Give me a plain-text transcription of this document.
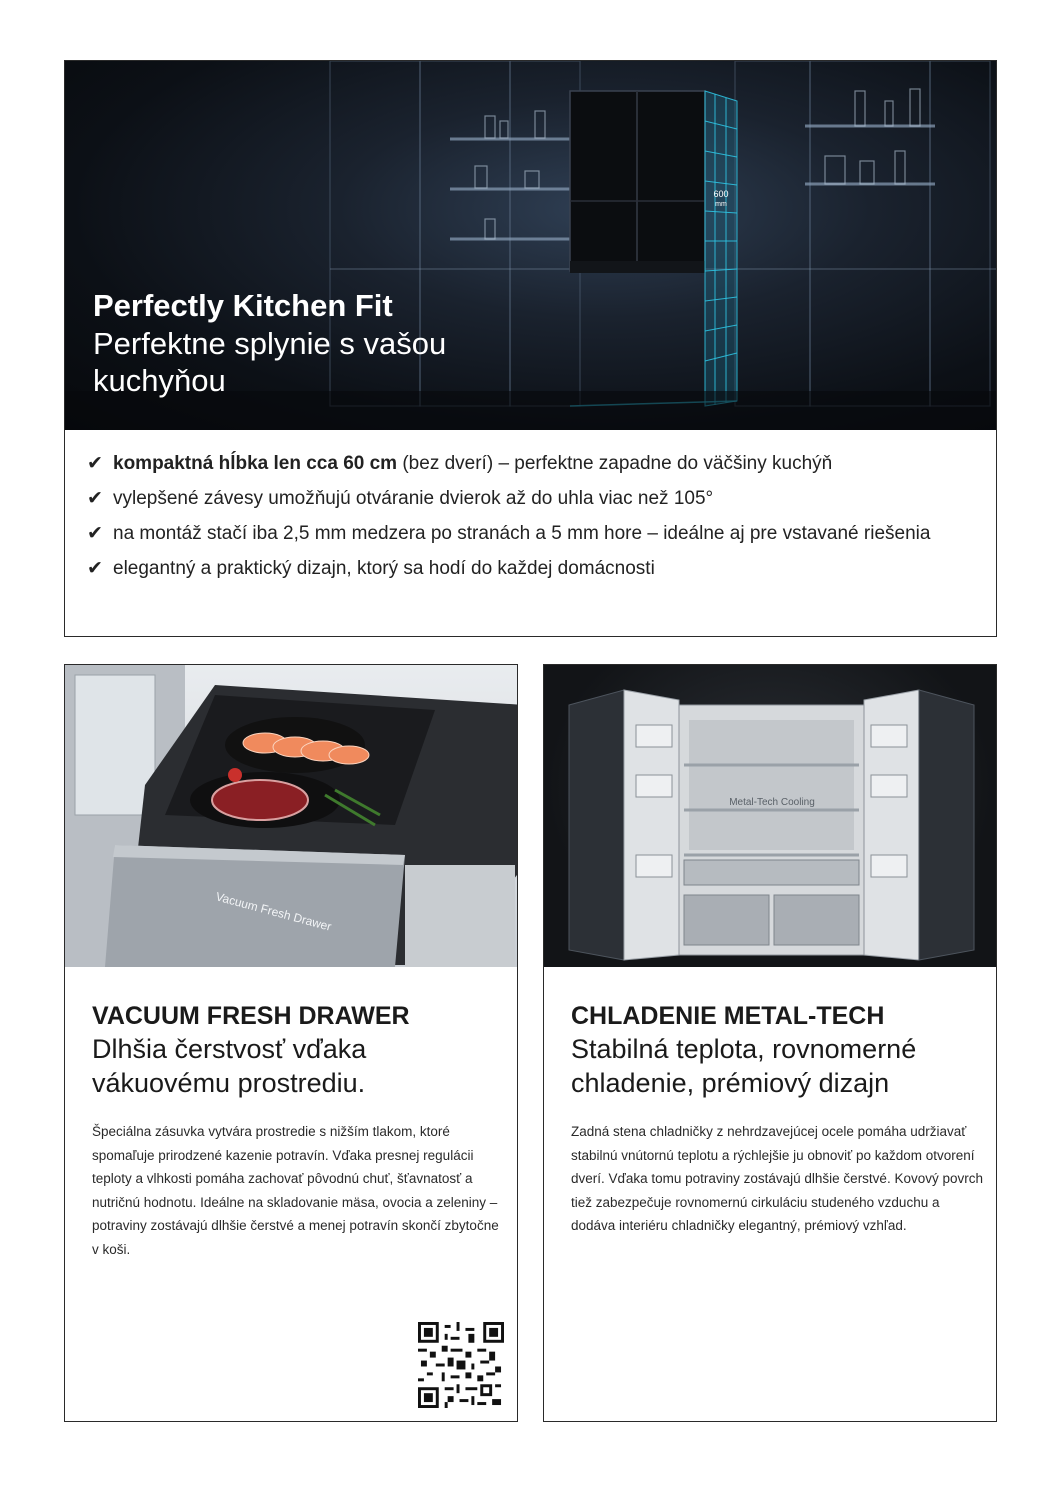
600
mm

Perfectly Kitchen Fit

Perfektne splynie s vašou kuchyňou

✔ kompaktná hĺbka len cca 60 cm (bez dverí) – perfektne zapadne do väčšiny kuchýň
✔ vylepšené závesy umožňujú otváranie dvierok až do uhla viac než 105°
✔ na montáž stačí iba 2,5 mm medzera po stranách a 5 mm hore – ideálne aj pre vstavané riešenia
✔ elegantný a praktický dizajn, ktorý sa hodí do každej domácnosti
Vacuum Fresh Drawer

VACUUM FRESH DRAWER

Dlhšia čerstvosť vďaka vákuovému prostrediu.

Špeciálna zásuvka vytvára prostredie s nižším tlakom, ktoré spomaľuje prirodzené kazenie potravín. Vďaka presnej regulácii teploty a vlhkosti pomáha zachovať pôvodnú chuť, šťavnatosť a nutričnú hodnotu. Ideálne na skladovanie mäsa, ovocia a zeleniny – potraviny zostávajú dlhšie čerstvé a menej potravín skončí zbytočne v koši.

Metal-Tech Cooling

CHLADENIE METAL-TECH

Stabilná teplota, rovnomerné chladenie, prémiový dizajn

Zadná stena chladničky z nehrdzavejúcej ocele pomáha udržiavať stabilnú vnútornú teplotu a rýchlejšie ju obnoviť po každom otvorení dverí. Vďaka tomu potraviny zostávajú dlhšie čerstvé. Kovový povrch tiež zabezpečuje rovnomernú cirkuláciu studeného vzduchu a dodáva interiéru chladničky elegantný, prémiový vzhľad.
